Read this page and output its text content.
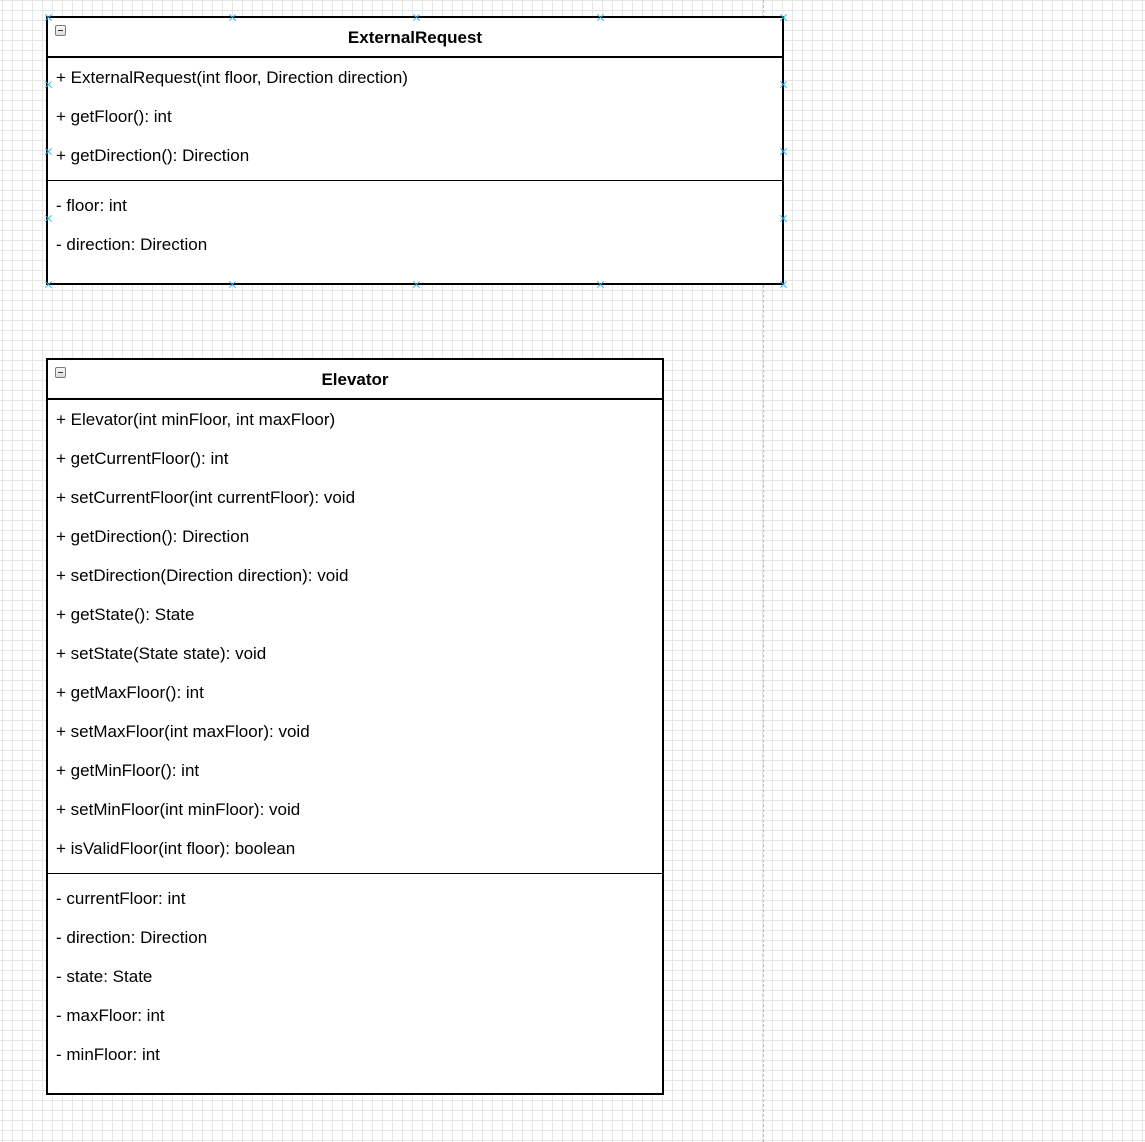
ExternalRequest
+ ExternalRequest(int floor, Direction direction)
+ getFloor(): int
+ getDirection(): Direction
- floor: int
- direction: Direction
Elevator
+ Elevator(int minFloor, int maxFloor)
+ getCurrentFloor(): int
+ setCurrentFloor(int currentFloor): void
+ getDirection(): Direction
+ setDirection(Direction direction): void
+ getState(): State
+ setState(State state): void
+ getMaxFloor(): int
+ setMaxFloor(int maxFloor): void
+ getMinFloor(): int
+ setMinFloor(int minFloor): void
+ isValidFloor(int floor): boolean
- currentFloor: int
- direction: Direction
- state: State
- maxFloor: int
- minFloor: int
